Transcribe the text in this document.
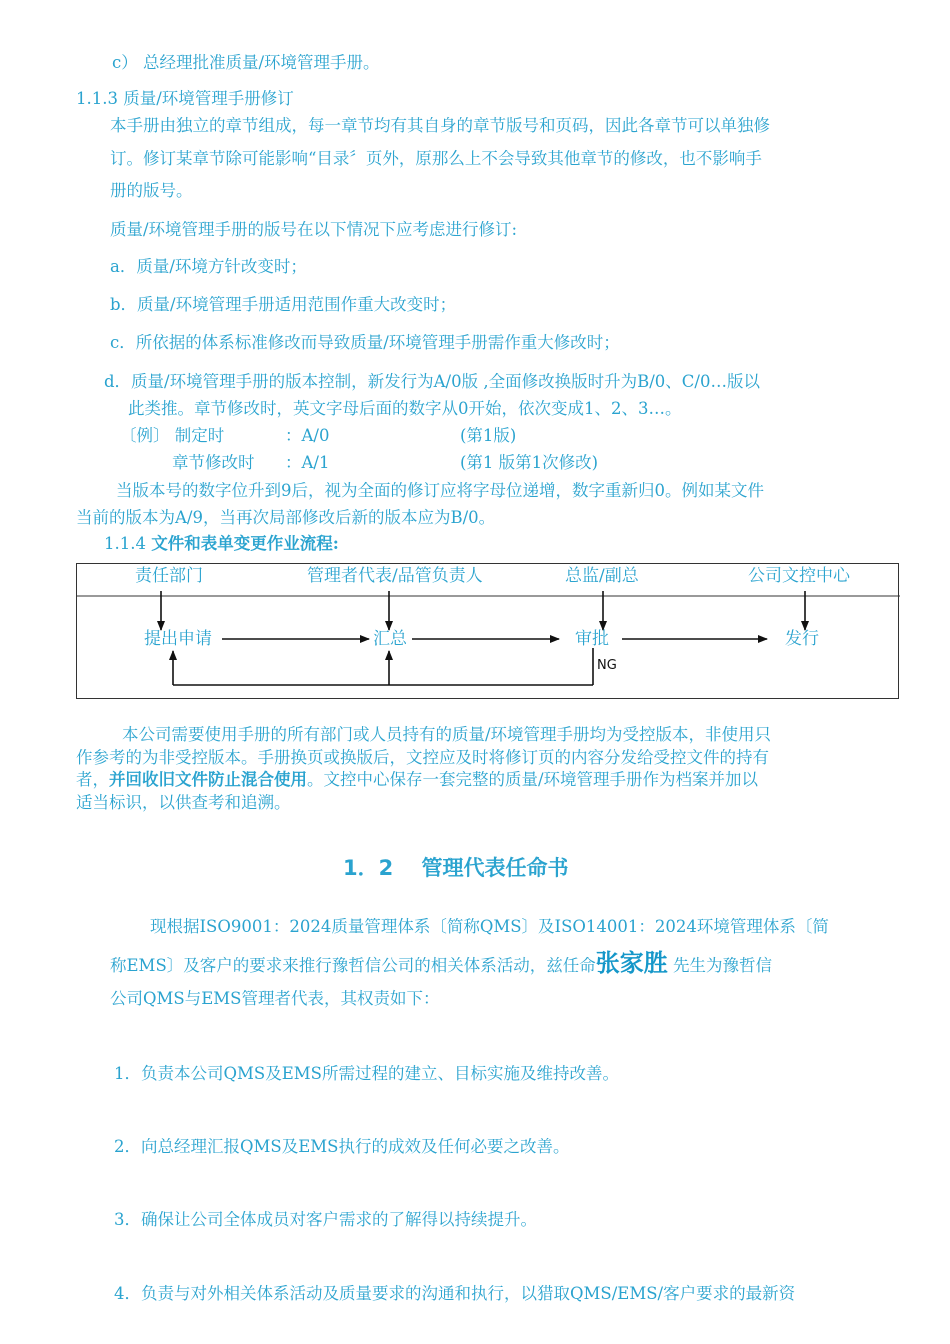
c） 总经理批准质量/环境管理手册。
1.1.3 质量/环境管理手册修订
本手册由独立的章节组成，每一章节均有其自身的章节版号和页码，因此各章节可以单独修
订。修订某章节除可能影响“目录〞页外，原那么上不会导致其他章节的修改，也不影响手
册的版号。
质量/环境管理手册的版号在以下情况下应考虑进行修订:
a．质量/环境方针改变时；
b．质量/环境管理手册适用范围作重大改变时；
c．所依据的体系标准修改而导致质量/环境管理手册需作重大修改时；
d．质量/环境管理手册的版本控制，新发行为A/0版 ,全面修改换版时升为B/0、C/0…版以
此类推。章节修改时，英文字母后面的数字从0开始，依次变成1、2、3…。
〔例〕 制定时	：A/0	(第1版)
章节修改时 ：A/1	(第1 版第1次修改)
当版本号的数字位升到9后，视为全面的修订应将字母位递增，数字重新归0。例如某文件
当前的版本为A/9，当再次局部修改后新的版本应为B/0。
1.1.4 文件和表单变更作业流程:
责任部门	管理者代表/品管负责人	总监/副总	公司文控中心
提出申请	汇总	审批	发行
NG
本公司需要使用手册的所有部门或人员持有的质量/环境管理手册均为受控版本，非使用只
作参考的为非受控版本。手册换页或换版后，文控应及时将修订页的内容分发给受控文件的持有
者，并回收旧文件防止混合使用。文控中心保存一套完整的质量/环境管理手册作为档案并加以
适当标识，以供查考和追溯。
1．2　 管理代表任命书
现根据ISO9001：2024质量管理体系〔简称QMS〕及ISO14001：2024环境管理体系〔简
称EMS〕及客户的要求来推行豫哲信公司的相关体系活动，兹任命张家胜 先生为豫哲信
公司QMS与EMS管理者代表，其权责如下：
1．负责本公司QMS及EMS所需过程的建立、目标实施及维持改善。
2．向总经理汇报QMS及EMS执行的成效及任何必要之改善。
3．确保让公司全体成员对客户需求的了解得以持续提升。
4．负责与对外相关体系活动及质量要求的沟通和执行，以猎取QMS/EMS/客户要求的最新资
